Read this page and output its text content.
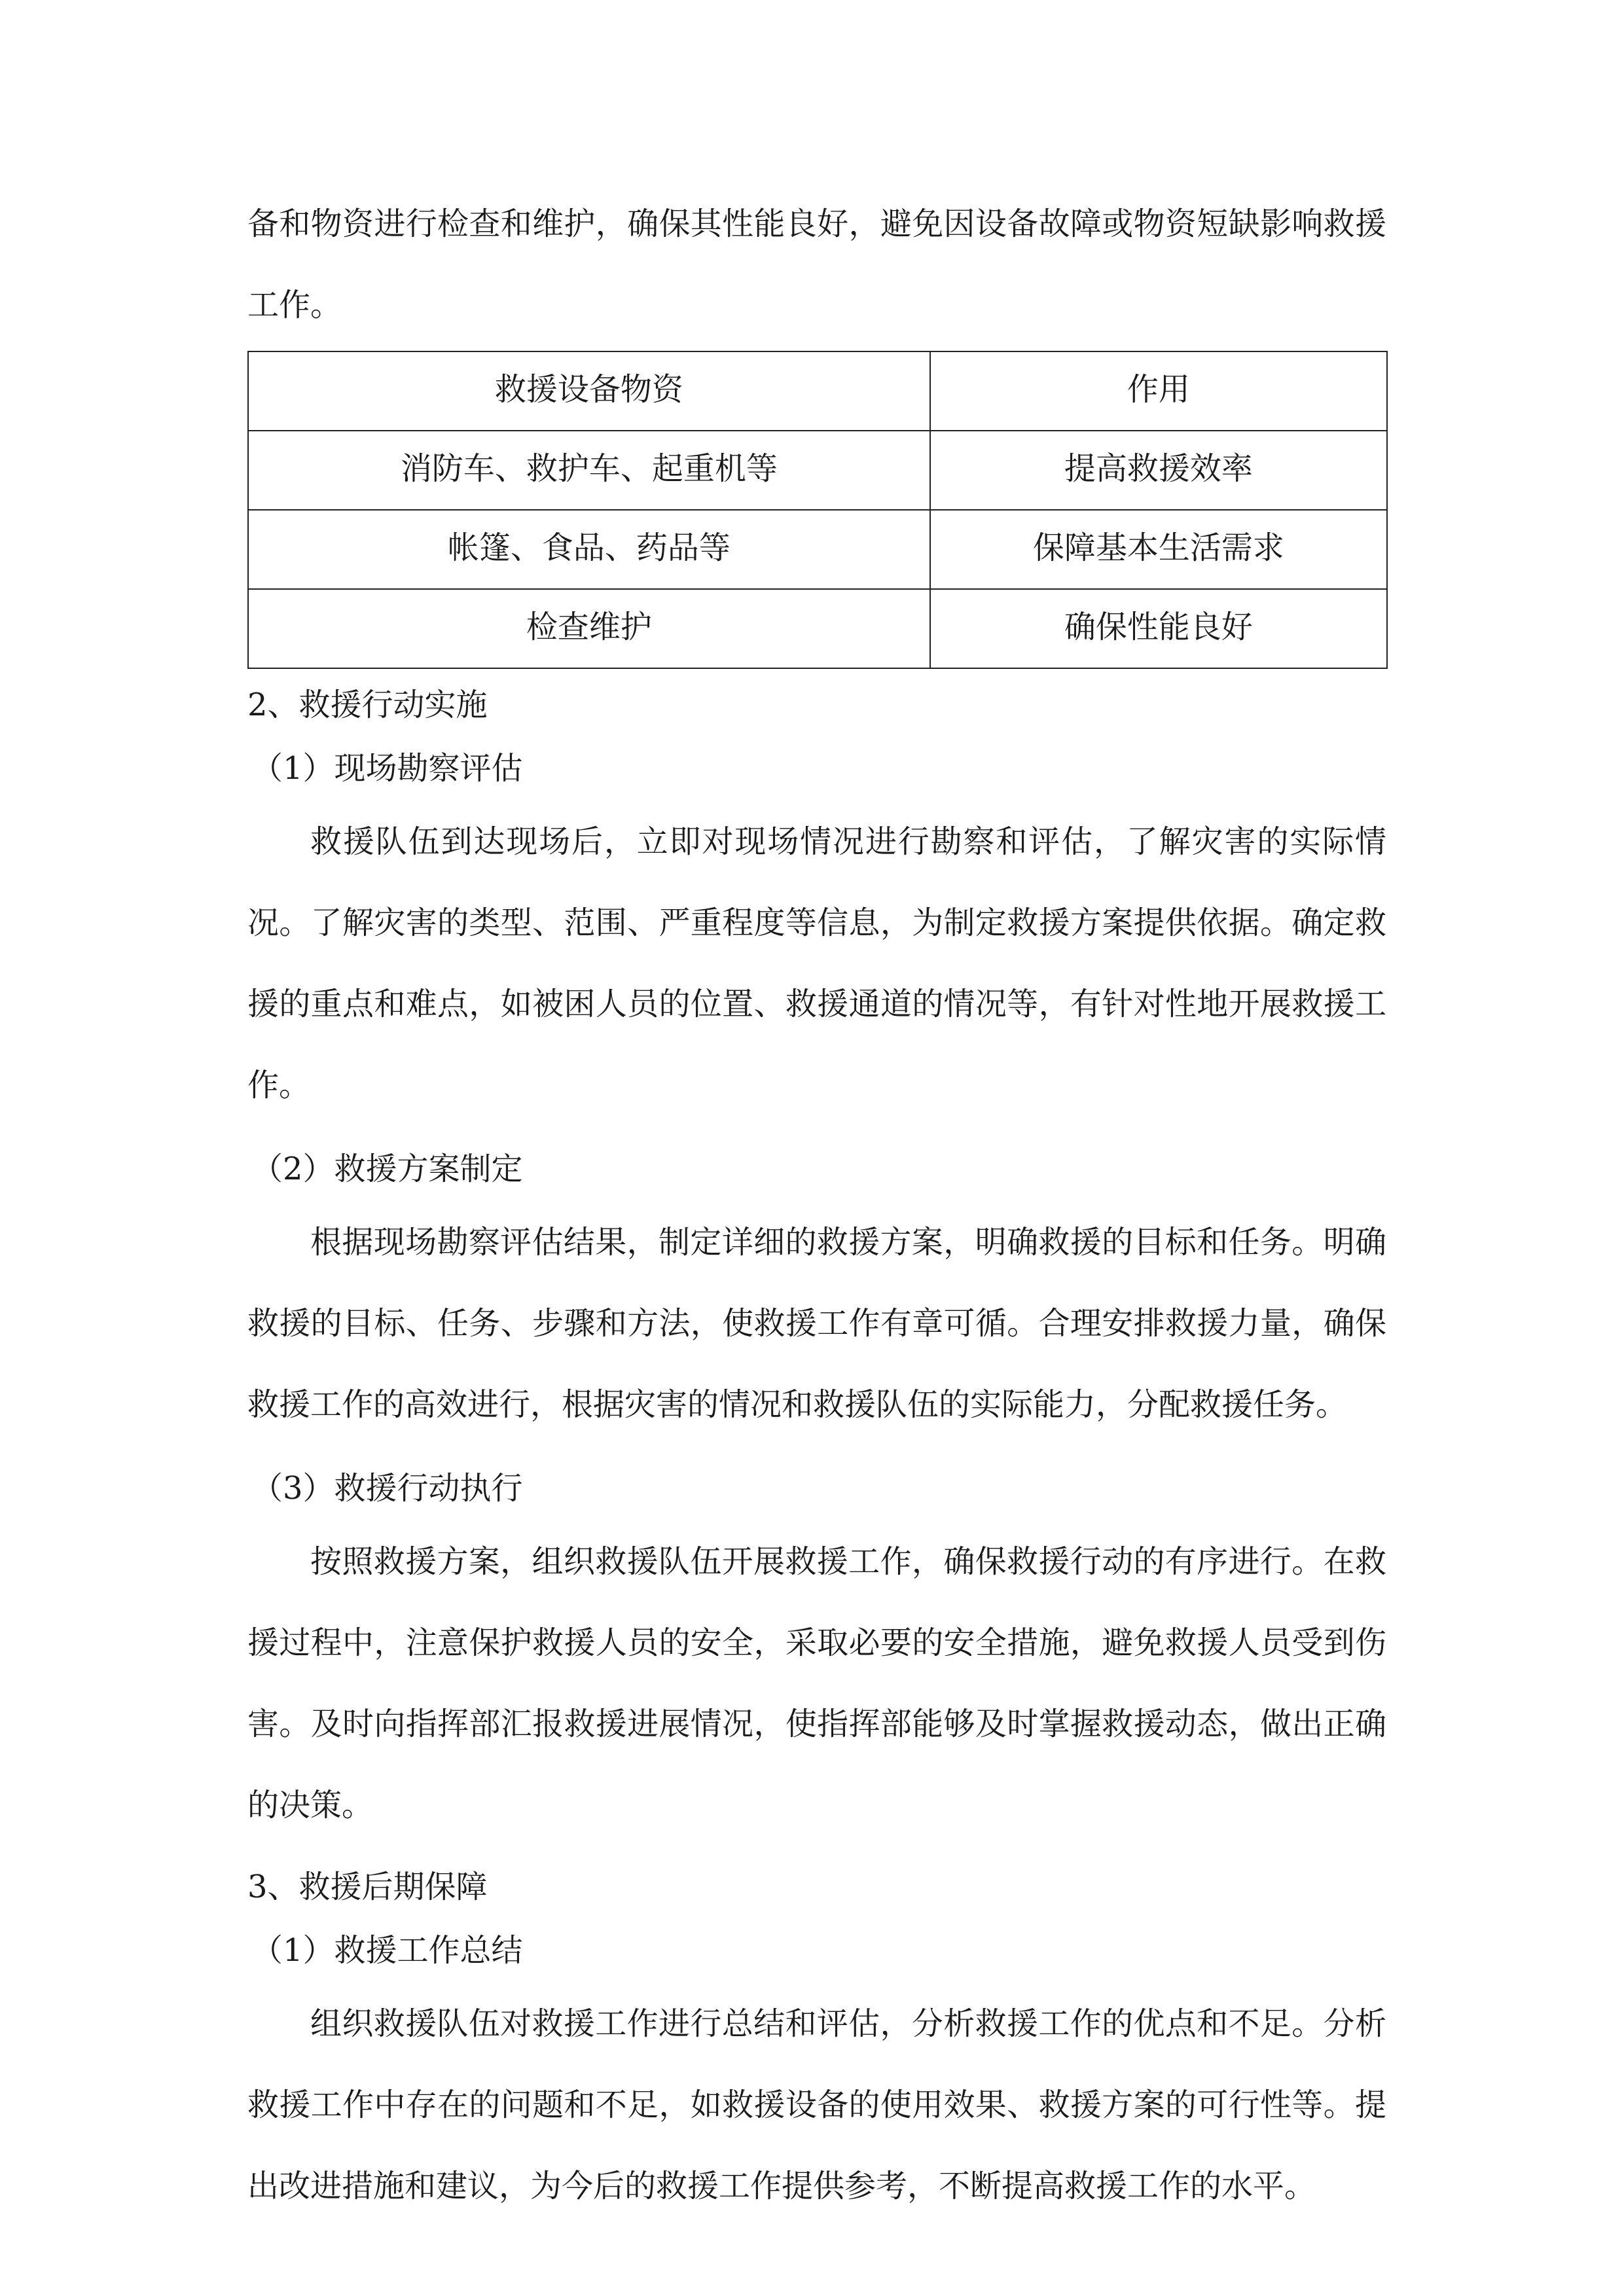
备和物资进行检查和维护，确保其性能良好，避免因设备故障或物资短缺影响救援工作。

救援设备物资	作用
消防车、救护车、起重机等	提高救援效率
帐篷、食品、药品等	保障基本生活需求
检查维护	确保性能良好

2、救援行动实施

（1）现场勘察评估

救援队伍到达现场后，立即对现场情况进行勘察和评估，了解灾害的实际情况。了解灾害的类型、范围、严重程度等信息，为制定救援方案提供依据。确定救援的重点和难点，如被困人员的位置、救援通道的情况等，有针对性地开展救援工作。

（2）救援方案制定

根据现场勘察评估结果，制定详细的救援方案，明确救援的目标和任务。明确救援的目标、任务、步骤和方法，使救援工作有章可循。合理安排救援力量，确保救援工作的高效进行，根据灾害的情况和救援队伍的实际能力，分配救援任务。

（3）救援行动执行

按照救援方案，组织救援队伍开展救援工作，确保救援行动的有序进行。在救援过程中，注意保护救援人员的安全，采取必要的安全措施，避免救援人员受到伤害。及时向指挥部汇报救援进展情况，使指挥部能够及时掌握救援动态，做出正确的决策。

3、救援后期保障

（1）救援工作总结

组织救援队伍对救援工作进行总结和评估，分析救援工作的优点和不足。分析救援工作中存在的问题和不足，如救援设备的使用效果、救援方案的可行性等。提出改进措施和建议，为今后的救援工作提供参考，不断提高救援工作的水平。
